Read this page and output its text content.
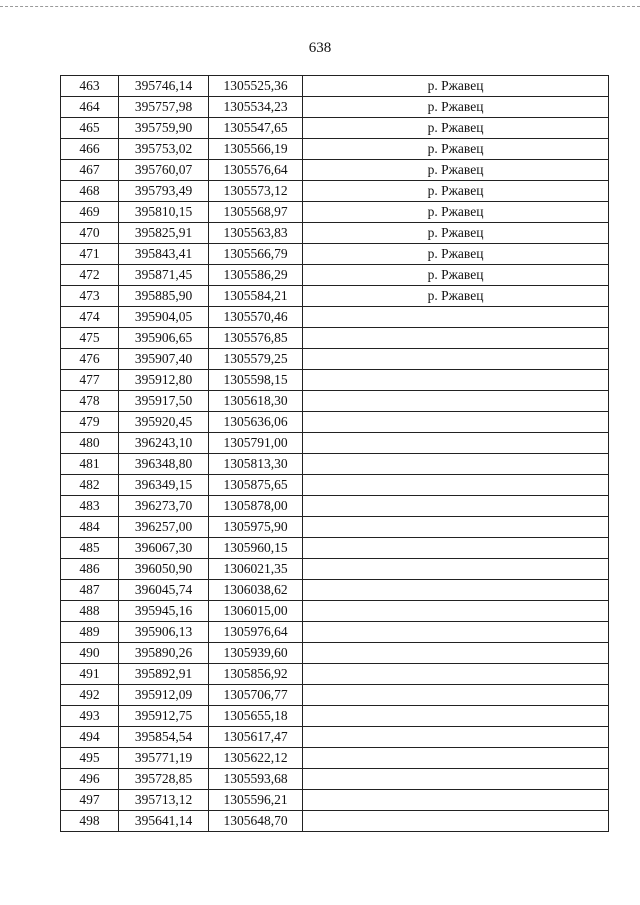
638
463	395746,14	1305525,36	р. Ржавец
464	395757,98	1305534,23	р. Ржавец
465	395759,90	1305547,65	р. Ржавец
466	395753,02	1305566,19	р. Ржавец
467	395760,07	1305576,64	р. Ржавец
468	395793,49	1305573,12	р. Ржавец
469	395810,15	1305568,97	р. Ржавец
470	395825,91	1305563,83	р. Ржавец
471	395843,41	1305566,79	р. Ржавец
472	395871,45	1305586,29	р. Ржавец
473	395885,90	1305584,21	р. Ржавец
474	395904,05	1305570,46	
475	395906,65	1305576,85	
476	395907,40	1305579,25	
477	395912,80	1305598,15	
478	395917,50	1305618,30	
479	395920,45	1305636,06	
480	396243,10	1305791,00	
481	396348,80	1305813,30	
482	396349,15	1305875,65	
483	396273,70	1305878,00	
484	396257,00	1305975,90	
485	396067,30	1305960,15	
486	396050,90	1306021,35	
487	396045,74	1306038,62	
488	395945,16	1306015,00	
489	395906,13	1305976,64	
490	395890,26	1305939,60	
491	395892,91	1305856,92	
492	395912,09	1305706,77	
493	395912,75	1305655,18	
494	395854,54	1305617,47	
495	395771,19	1305622,12	
496	395728,85	1305593,68	
497	395713,12	1305596,21	
498	395641,14	1305648,70	
